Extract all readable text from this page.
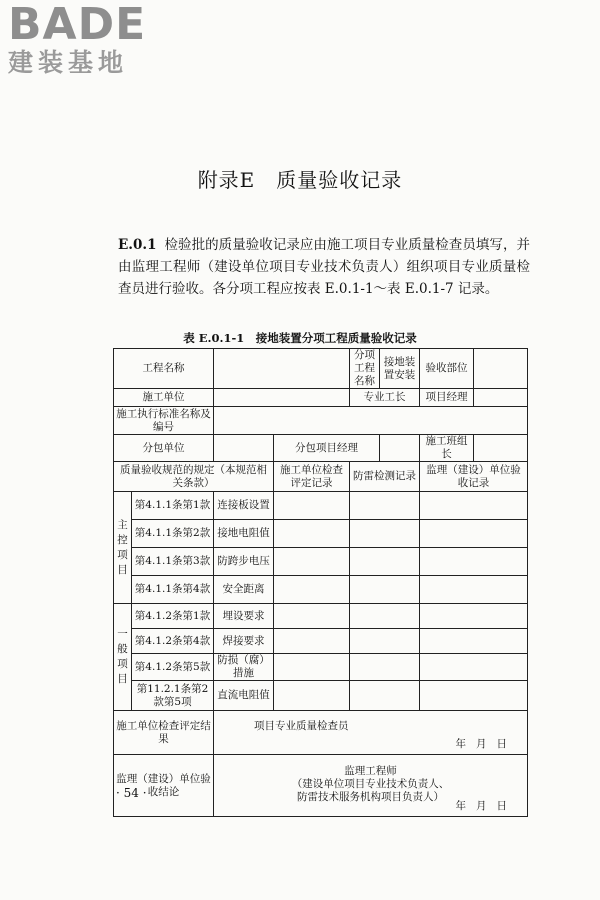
BADE
建装基地
附录E　质量验收记录
E.0.1 检验批的质量验收记录应由施工项目专业质量检查员填写，并由监理工程师（建设单位项目专业技术负责人）组织项目专业质量检查员进行验收。各分项工程应按表 E.0.1-1～表 E.0.1-7 记录。
表 E.0.1-1　接地装置分项工程质量验收记录
工程名称				分项工程名称	接地装置安装	验收部位	
施工单位				专业工长		项目经理	
施工执行标准名称及编号							
分包单位			分包项目经理			施工班组长	
质量验收规范的规定（本规范相关条款）			施工单位检查评定记录	防雷检测记录		监理（建设）单位验收记录	
主控项目	第4.1.1条第1款	连接板设置					
	第4.1.1条第2款	接地电阻值					
	第4.1.1条第3款	防跨步电压					
	第4.1.1条第4款	安全距离					
一般项目	第4.1.2条第1款	埋设要求					
	第4.1.2条第4款	焊接要求					
	第4.1.2条第5款	防损（腐）措施					
	第11.2.1条第2款第5项	直流电阻值					
施工单位检查评定结果		项目专业质量检查员
年月日					

监理（建设）单位验收结论		监理工程师
（建设单位项目专业技术负责人、
防雷技术服务机构项目负责人）
年月日					
· 54 ·
